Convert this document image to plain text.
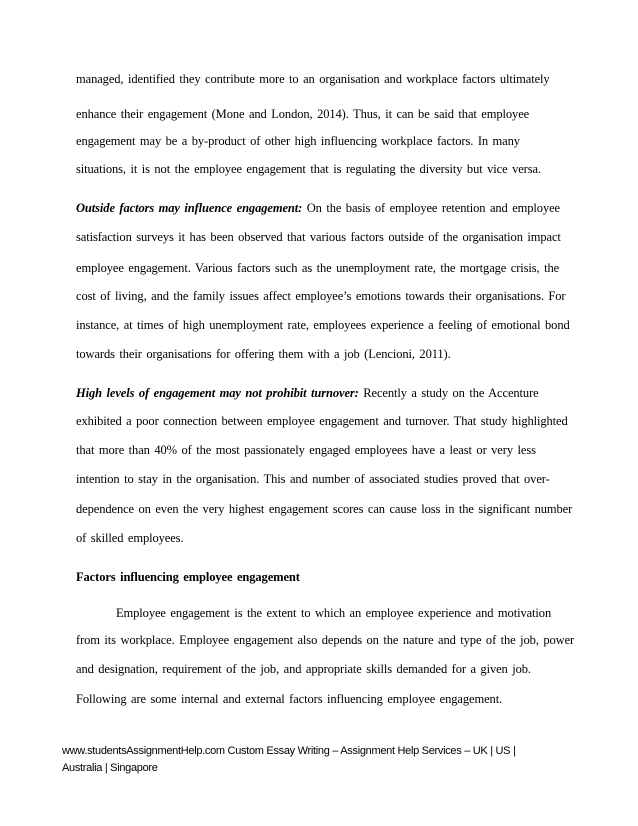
managed, identified they contribute more to an organisation and workplace factors ultimately
enhance their engagement (Mone and London, 2014). Thus, it can be said that employee
engagement may be a by-product of other high influencing workplace factors. In many
situations, it is not the employee engagement that is regulating the diversity but vice versa.
Outside factors may influence engagement: On the basis of employee retention and employee
satisfaction surveys it has been observed that various factors outside of the organisation impact
employee engagement. Various factors such as the unemployment rate, the mortgage crisis, the
cost of living, and the family issues affect employee’s emotions towards their organisations. For
instance, at times of high unemployment rate, employees experience a feeling of emotional bond
towards their organisations for offering them with a job (Lencioni, 2011).
High levels of engagement may not prohibit turnover: Recently a study on the Accenture
exhibited a poor connection between employee engagement and turnover. That study highlighted
that more than 40% of the most passionately engaged employees have a least or very less
intention to stay in the organisation. This and number of associated studies proved that over-
dependence on even the very highest engagement scores can cause loss in the significant number
of skilled employees.
Factors influencing employee engagement
Employee engagement is the extent to which an employee experience and motivation
from its workplace. Employee engagement also depends on the nature and type of the job, power
and designation, requirement of the job, and appropriate skills demanded for a given job.
Following are some internal and external factors influencing employee engagement.
www.studentsAssignmentHelp.com Custom Essay Writing – Assignment Help Services – UK | US |
Australia | Singapore
